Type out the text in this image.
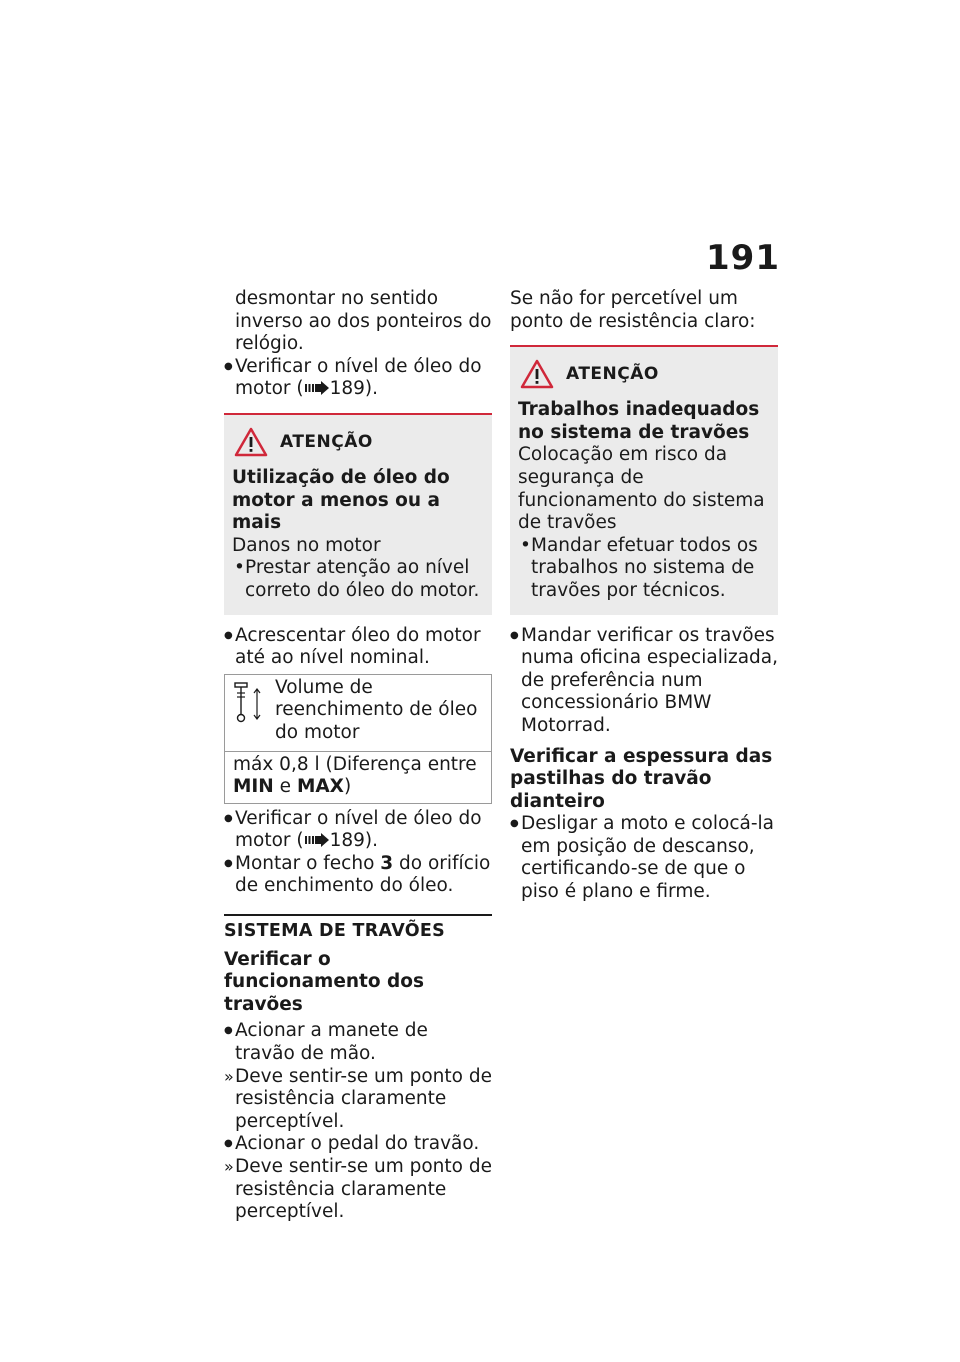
191
desmontar no sentido inverso ao dos ponteiros do relógio.
● Verificar o nível de óleo do motor ( 189).
ATENÇÃO
Utilização de óleo do motor a menos ou a mais
Danos no motor
• Prestar atenção ao nível correto do óleo do motor.
● Acrescentar óleo do motor até ao nível nominal.
Volume de reenchimento de óleo do motor
máx 0,8 l (Diferença entre MIN e MAX)
● Verificar o nível de óleo do motor ( 189).
● Montar o fecho 3 do orifício de enchimento do óleo.
SISTEMA DE TRAVÕES
Verificar o funcionamento dos travões
● Acionar a manete de travão de mão.
» Deve sentir-se um ponto de resistência claramente perceptível.
● Acionar o pedal do travão.
» Deve sentir-se um ponto de resistência claramente perceptível.
Se não for percetível um ponto de resistência claro:
ATENÇÃO
Trabalhos inadequados no sistema de travões
Colocação em risco da segurança de funcionamento do sistema de travões
• Mandar efetuar todos os trabalhos no sistema de travões por técnicos.
● Mandar verificar os travões numa oficina especializada, de preferência num concessionário BMW Motorrad.
Verificar a espessura das pastilhas do travão dianteiro
● Desligar a moto e colocá-la em posição de descanso, certificando-se de que o piso é plano e firme.
